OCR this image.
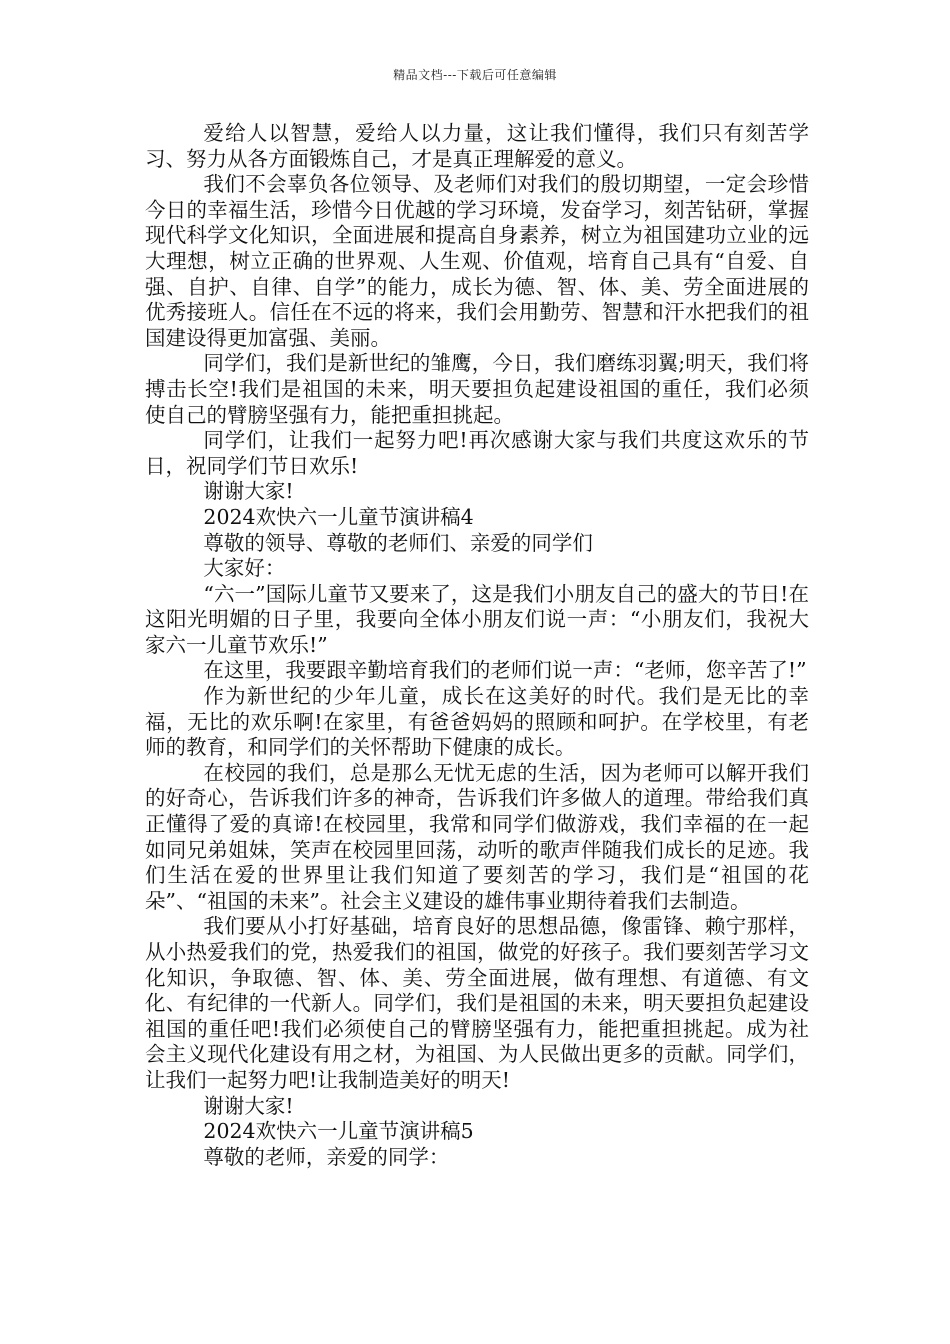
精品文档---下载后可任意编辑

爱给人以智慧，爱给人以力量，这让我们懂得，我们只有刻苦学习、努力从各方面锻炼自己，才是真正理解爱的意义。

我们不会辜负各位领导、及老师们对我们的殷切期望，一定会珍惜今日的幸福生活，珍惜今日优越的学习环境，发奋学习，刻苦钻研，掌握现代科学文化知识，全面进展和提高自身素养，树立为祖国建功立业的远大理想，树立正确的世界观、人生观、价值观，培育自己具有“自爱、自强、自护、自律、自学”的能力，成长为德、智、体、美、劳全面进展的优秀接班人。信任在不远的将来，我们会用勤劳、智慧和汗水把我们的祖国建设得更加富强、美丽。

同学们，我们是新世纪的雏鹰，今日，我们磨练羽翼;明天，我们将搏击长空!我们是祖国的未来，明天要担负起建设祖国的重任，我们必须使自己的臂膀坚强有力，能把重担挑起。

同学们，让我们一起努力吧!再次感谢大家与我们共度这欢乐的节日，祝同学们节日欢乐!

谢谢大家!

2024欢快六一儿童节演讲稿4

尊敬的领导、尊敬的老师们、亲爱的同学们

大家好：

“六一”国际儿童节又要来了，这是我们小朋友自己的盛大的节日!在这阳光明媚的日子里，我要向全体小朋友们说一声：“小朋友们，我祝大家六一儿童节欢乐!”

在这里，我要跟辛勤培育我们的老师们说一声：“老师，您辛苦了!”

作为新世纪的少年儿童，成长在这美好的时代。我们是无比的幸福，无比的欢乐啊!在家里，有爸爸妈妈的照顾和呵护。在学校里，有老师的教育，和同学们的关怀帮助下健康的成长。

在校园的我们，总是那么无忧无虑的生活，因为老师可以解开我们的好奇心，告诉我们许多的神奇，告诉我们许多做人的道理。带给我们真正懂得了爱的真谛!在校园里，我常和同学们做游戏，我们幸福的在一起如同兄弟姐妹，笑声在校园里回荡，动听的歌声伴随我们成长的足迹。我们生活在爱的世界里让我们知道了要刻苦的学习，我们是“祖国的花朵”、“祖国的未来”。社会主义建设的雄伟事业期待着我们去制造。

我们要从小打好基础，培育良好的思想品德，像雷锋、赖宁那样，从小热爱我们的党，热爱我们的祖国，做党的好孩子。我们要刻苦学习文化知识，争取德、智、体、美、劳全面进展，做有理想、有道德、有文化、有纪律的一代新人。同学们，我们是祖国的未来，明天要担负起建设祖国的重任吧!我们必须使自己的臂膀坚强有力，能把重担挑起。成为社会主义现代化建设有用之材，为祖国、为人民做出更多的贡献。同学们，让我们一起努力吧!让我制造美好的明天!

谢谢大家!

2024欢快六一儿童节演讲稿5

尊敬的老师，亲爱的同学：
